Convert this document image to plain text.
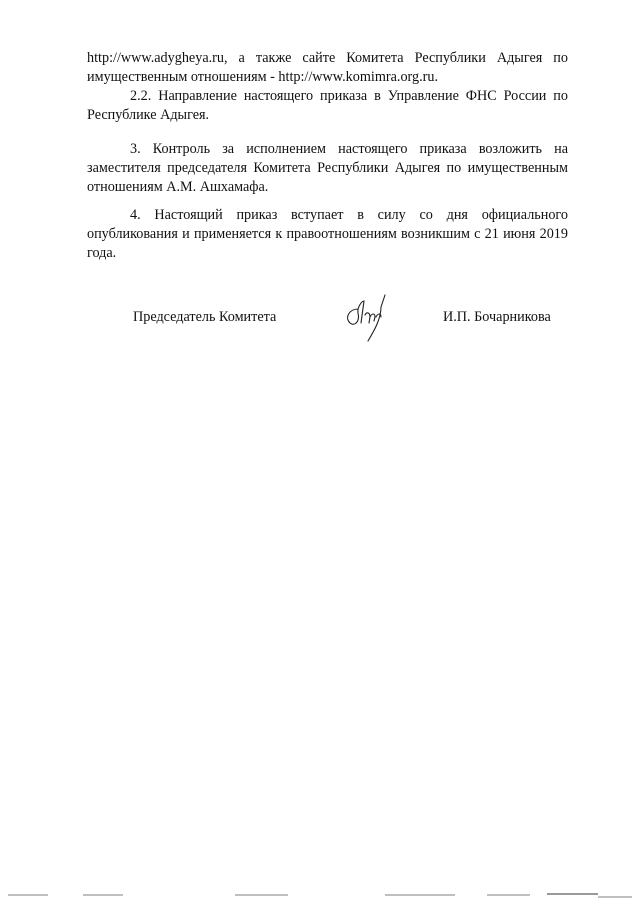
http://www.adygheya.ru, а также сайте Комитета Республики Адыгея по

имущественным отношениям - http://www.komimra.org.ru.

2.2. Направление настоящего приказа в Управление ФНС России по Республике Адыгея.

3. Контроль за исполнением настоящего приказа возложить на заместителя председателя Комитета Республики Адыгея по имущественным отношениям А.М. Ашхамафа.

4. Настоящий приказ вступает в силу со дня официального опубликования и применяется к правоотношениям возникшим с 21 июня 2019 года.

Председатель Комитета	И.П. Бочарникова
